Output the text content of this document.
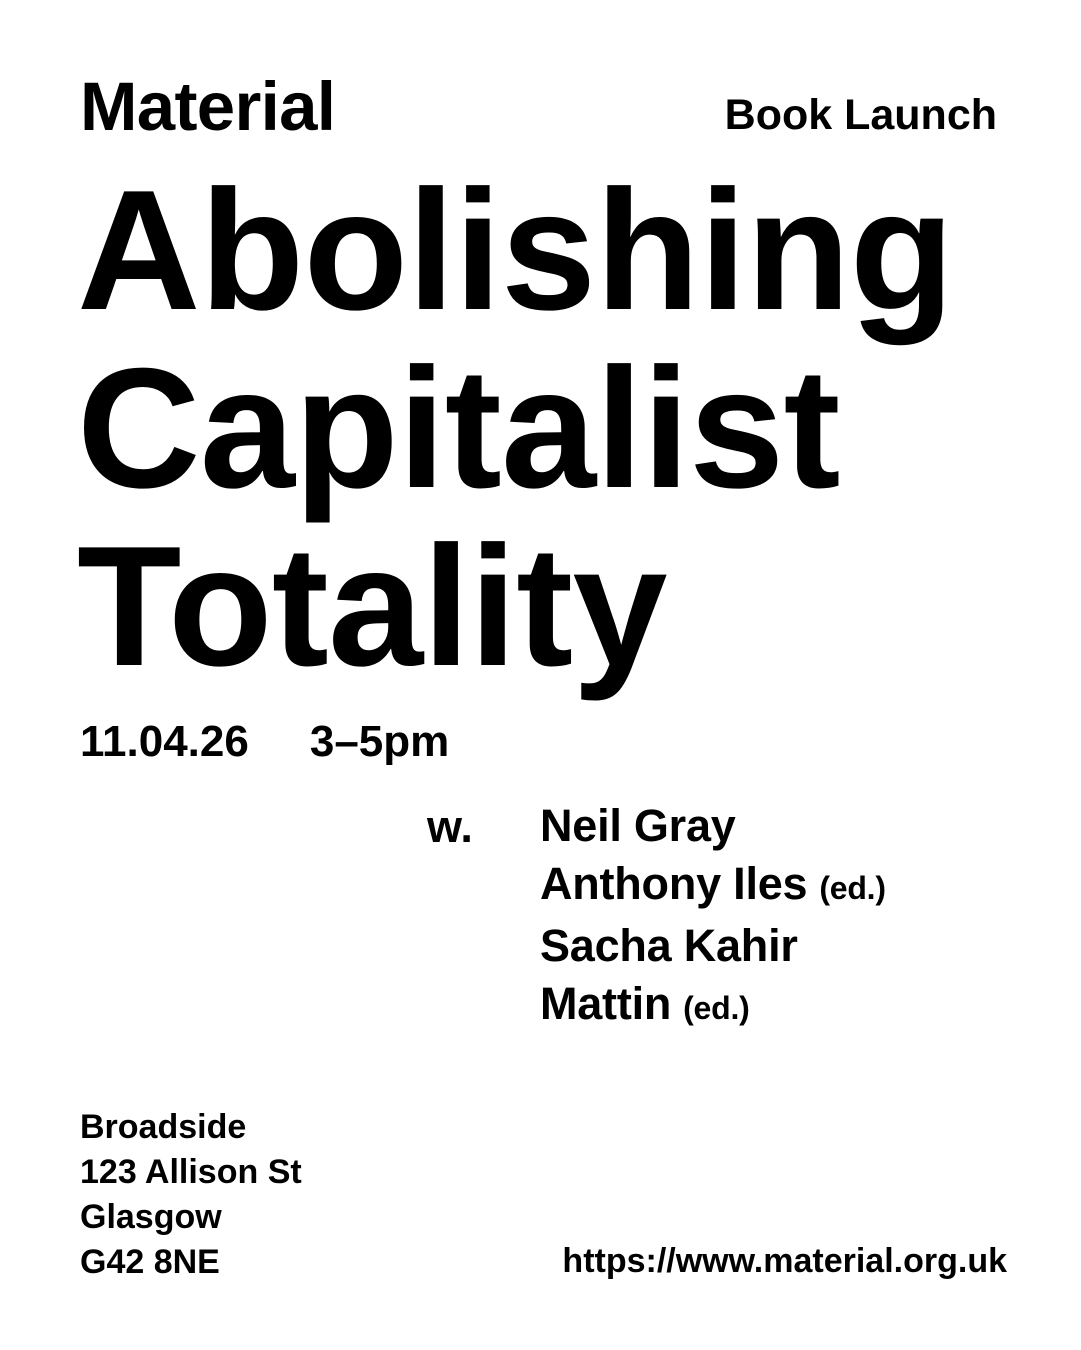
Material	Book Launch
Abolishing
Capitalist
Totality
11.04.26 3–5pm
w. Neil Gray
Anthony Iles (ed.)
Sacha Kahir
Mattin (ed.)
Broadside
123 Allison St
Glasgow
G42 8NE	https://www.material.org.uk
